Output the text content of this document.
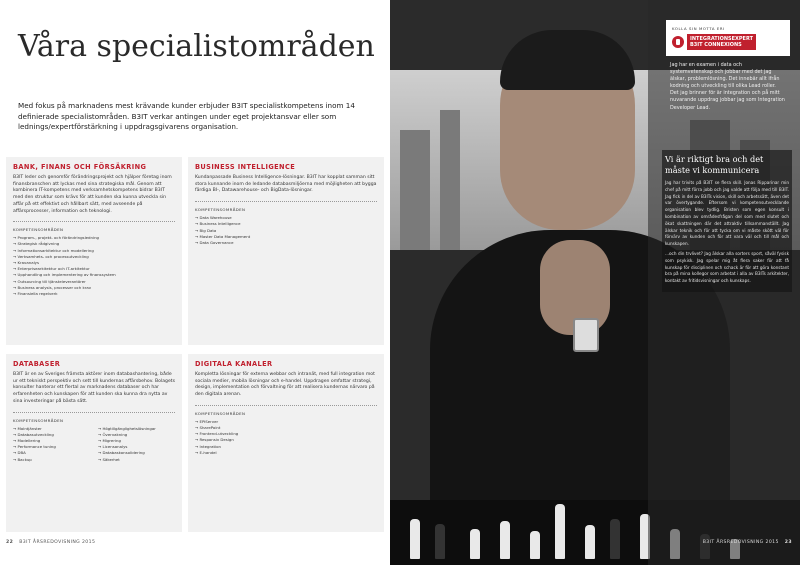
Våra specialistområden

Med fokus på marknadens mest krävande kunder erbjuder B3IT specialistkompetens inom 14 definierade specialistområden. B3IT verkar antingen under eget projektansvar eller som lednings/expertförstärkning i uppdragsgivarens organisation.

BANK, FINANS OCH FÖRSÄKRING

B3IT leder och genomför förändringsprojekt och hjälper företag inom finansbranschen att lyckas med sina strategiska mål. Genom att kombinera IT-kompetens med verksamhetskompetens bidrar B3IT med den struktur som krävs för att kunden ska kunna utveckla sin affär på ett effektivt och hållbart sätt, med avseende på affärsprocesser, information och teknologi.

KOMPETENSOMRÅDEN
→ Program-, projekt- och förändringsledning
→ Strategisk rådgivning
→ Informationsarkitektur och modellering
→ Verksamhets- och processutveckling
→ Kravanalys
→ Enterprisearkitektur och IT-arkitektur
→ Upphandling och implementering av finanssystem
→ Outsourcing till tjänsteleverantörer
→ Business analysis, processer och krav
→ Finansiella regelverk
BUSINESS INTELLIGENCE

Kundanpassade Business Intelligence-lösningar. B3IT har kopplat samman sitt stora kunnande inom de ledande databasmiljöerna med möjligheten att bygga färdiga BI-, Datawarehouse- och BigData-lösningar.

KOMPETENSOMRÅDEN
→ Data Warehouse
→ Business Intelligence
→ Big Data
→ Master Data Management
→ Data Governance
DATABASER

B3IT är en av Sveriges främsta aktörer inom databashantering, både ur ett tekniskt perspektiv och sett till kundernas affärsbehov. Bolagets konsulter hanterar ett flertal av marknadens databaser och har erfarenheten och kunskapen för att kunden ska kunna dra nytta av sina investeringar på bästa sätt.

KOMPETENSOMRÅDEN
→ Molntjänster
→ Databasutveckling
→ Modellering
→ Performance tuning
→ DBA
→ Backup
→ Högtillgänglighetslösningar
→ Övervakning
→ Migrering
→ Licensanalys
→ Databaskonsolidering
→ Säkerhet
DIGITALA KANALER

Kompletta lösningar för externa webbar och intranät, med full integration mot sociala medier, mobila lösningar och e-handel. Uppdragen omfattar strategi, design, implementation och förvaltning för att realisera kundernas närvaro på den digitala arenan.

KOMPETENSOMRÅDEN
→ EPiServer
→ SharePoint
→ Frontend-utveckling
→ Responsiv Design
→ Integration
→ E-handel
22 B3IT ÅRSREDOVISNING 2015
KOLLA SIN MOTTA ERI
INTEGRATIONSEXPERT
B3IT CONNEXIONS

Jag har en examen i data och systemvetenskap och jobbar med det jag älskar, problemlösning. Det innebär allt ifrån kodning och utveckling till olika Lead roller. Det jag brinner för är integration och på mitt nuvarande uppdrag jobbar jag som Integration Developer Lead.

Vi är riktigt bra och det måste vi kommunicera

Jag har trivits på B3IT se flera skill. Jonas Ripparinar min chef på mitt förra jobb och jag valde att följa med till B3IT. Jag fick in del av B3ITs vision, skill och arbetssätt, även det var övertygande. Eftersom vi kompetensutvecklande organisation blev tydlig. Bristen som egen konsult i kombination av områdesfrågan del som med slutet och ökat skattningen där det attraktiv tillsammanställt. Jag älskar teknik och för att tycka om vi måste skött väl för förvärv av kunden och för att vara väl och till mål och kunskapen.

...och din trvlivet? Jag älskar alla sorters sport, såväl fysisk som psykisk. Jag spelar mig åt flera saker för att få kunskap för disciplinen och schack är för att göra konstant bra på mina kollegor som arbetat i alla av B3ITs arkitekter, kontakt av fritidsvisningar och kunskaps.

B3IT ÅRSREDOVISNING 2015 23
